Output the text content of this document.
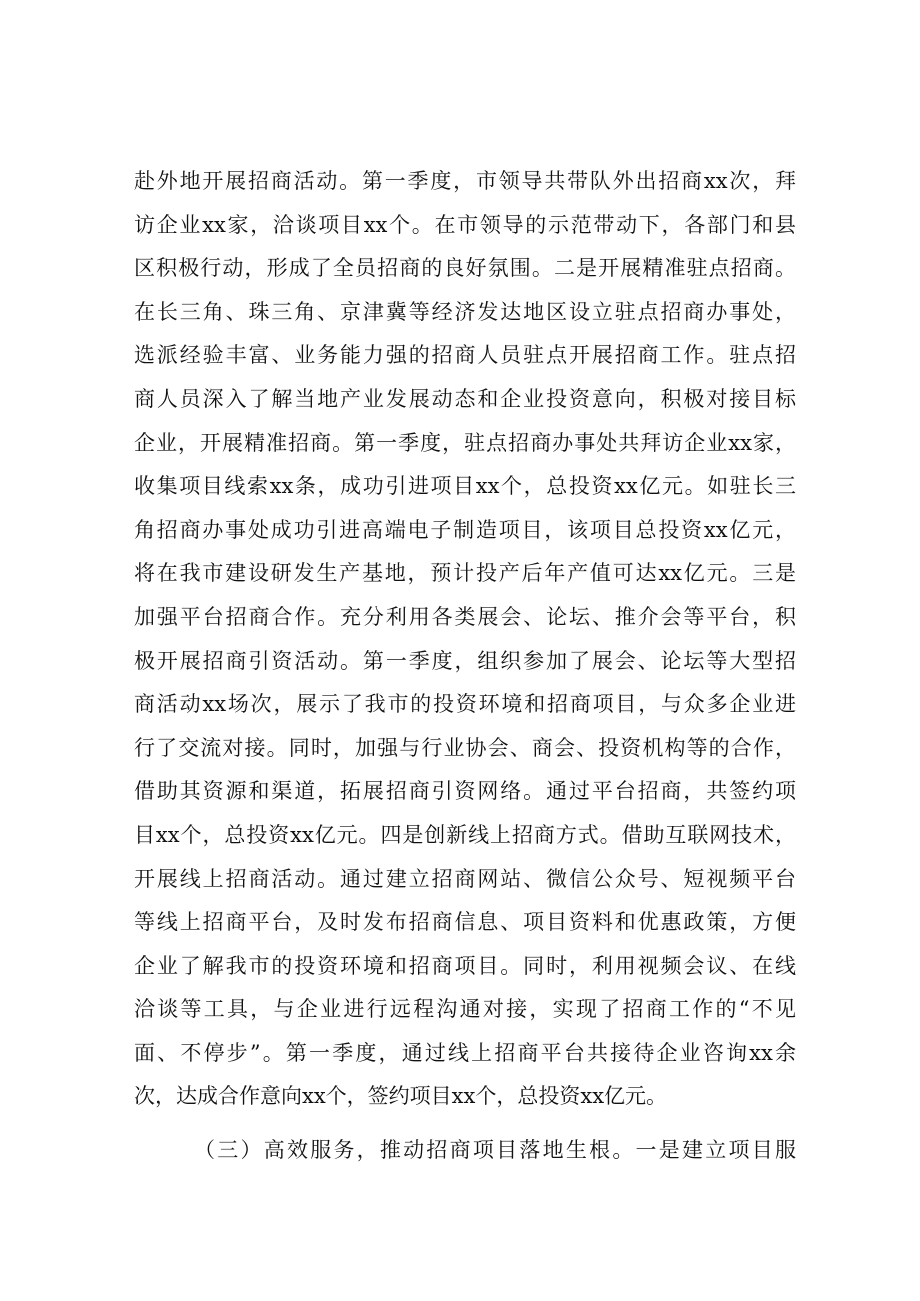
赴外地开展招商活动。第一季度，市领导共带队外出招商xx次，拜
访企业xx家，洽谈项目xx个。在市领导的示范带动下，各部门和县
区积极行动，形成了全员招商的良好氛围。二是开展精准驻点招商。
在长三角、珠三角、京津冀等经济发达地区设立驻点招商办事处，
选派经验丰富、业务能力强的招商人员驻点开展招商工作。驻点招
商人员深入了解当地产业发展动态和企业投资意向，积极对接目标
企业，开展精准招商。第一季度，驻点招商办事处共拜访企业xx家，
收集项目线索xx条，成功引进项目xx个，总投资xx亿元。如驻长三
角招商办事处成功引进高端电子制造项目，该项目总投资xx亿元，
将在我市建设研发生产基地，预计投产后年产值可达xx亿元。三是
加强平台招商合作。充分利用各类展会、论坛、推介会等平台，积
极开展招商引资活动。第一季度，组织参加了展会、论坛等大型招
商活动xx场次，展示了我市的投资环境和招商项目，与众多企业进
行了交流对接。同时，加强与行业协会、商会、投资机构等的合作，
借助其资源和渠道，拓展招商引资网络。通过平台招商，共签约项
目xx个，总投资xx亿元。四是创新线上招商方式。借助互联网技术，
开展线上招商活动。通过建立招商网站、微信公众号、短视频平台
等线上招商平台，及时发布招商信息、项目资料和优惠政策，方便
企业了解我市的投资环境和招商项目。同时，利用视频会议、在线
洽谈等工具，与企业进行远程沟通对接，实现了招商工作的“不见
面、不停步”。第一季度，通过线上招商平台共接待企业咨询xx余
次，达成合作意向xx个，签约项目xx个，总投资xx亿元。
（三）高效服务，推动招商项目落地生根。一是建立项目服
